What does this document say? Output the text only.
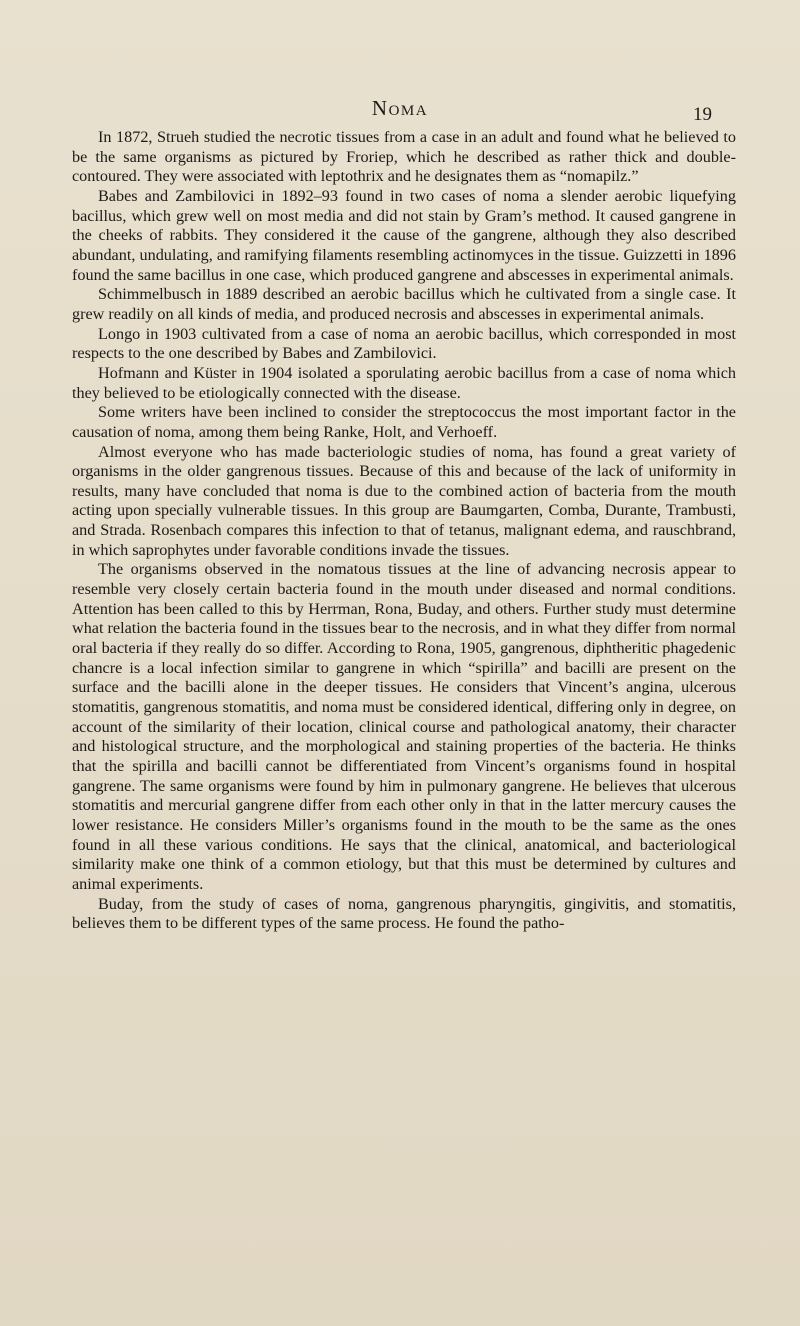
Noma	19

In 1872, Strueh studied the necrotic tissues from a case in an adult and found what he believed to be the same organisms as pictured by Froriep, which he described as rather thick and double-contoured. They were associated with leptothrix and he designates them as “nomapilz.”

Babes and Zambilovici in 1892–93 found in two cases of noma a slender aerobic liquefying bacillus, which grew well on most media and did not stain by Gram’s method. It caused gangrene in the cheeks of rabbits. They considered it the cause of the gangrene, although they also described abundant, undulating, and ramifying filaments resembling actinomyces in the tissue. Guizzetti in 1896 found the same bacillus in one case, which produced gangrene and abscesses in experimental animals.

Schimmelbusch in 1889 described an aerobic bacillus which he cultivated from a single case. It grew readily on all kinds of media, and produced necrosis and abscesses in experimental animals.

Longo in 1903 cultivated from a case of noma an aerobic bacillus, which corresponded in most respects to the one described by Babes and Zambilovici.

Hofmann and Küster in 1904 isolated a sporulating aerobic bacillus from a case of noma which they believed to be etiologically connected with the disease.

Some writers have been inclined to consider the streptococcus the most important factor in the causation of noma, among them being Ranke, Holt, and Verhoeff.

Almost everyone who has made bacteriologic studies of noma, has found a great variety of organisms in the older gangrenous tissues. Because of this and because of the lack of uniformity in results, many have concluded that noma is due to the combined action of bacteria from the mouth acting upon specially vulnerable tissues. In this group are Baumgarten, Comba, Durante, Trambusti, and Strada. Rosenbach compares this infection to that of tetanus, malignant edema, and rauschbrand, in which saprophytes under favorable conditions invade the tissues.

The organisms observed in the nomatous tissues at the line of advancing necrosis appear to resemble very closely certain bacteria found in the mouth under diseased and normal conditions. Attention has been called to this by Herrman, Rona, Buday, and others. Further study must determine what relation the bacteria found in the tissues bear to the necrosis, and in what they differ from normal oral bacteria if they really do so differ. According to Rona, 1905, gangrenous, diphtheritic phagedenic chancre is a local infection similar to gangrene in which “spirilla” and bacilli are present on the surface and the bacilli alone in the deeper tissues. He considers that Vincent’s angina, ulcerous stomatitis, gangrenous stomatitis, and noma must be considered identical, differing only in degree, on account of the similarity of their location, clinical course and pathological anatomy, their character and histological structure, and the morphological and staining properties of the bacteria. He thinks that the spirilla and bacilli cannot be differentiated from Vincent’s organisms found in hospital gangrene. The same organisms were found by him in pulmonary gangrene. He believes that ulcerous stomatitis and mercurial gangrene differ from each other only in that in the latter mercury causes the lower resistance. He considers Miller’s organisms found in the mouth to be the same as the ones found in all these various conditions. He says that the clinical, anatomical, and bacteriological similarity make one think of a common etiology, but that this must be determined by cultures and animal experiments.

Buday, from the study of cases of noma, gangrenous pharyngitis, gingivitis, and stomatitis, believes them to be different types of the same process. He found the patho-
